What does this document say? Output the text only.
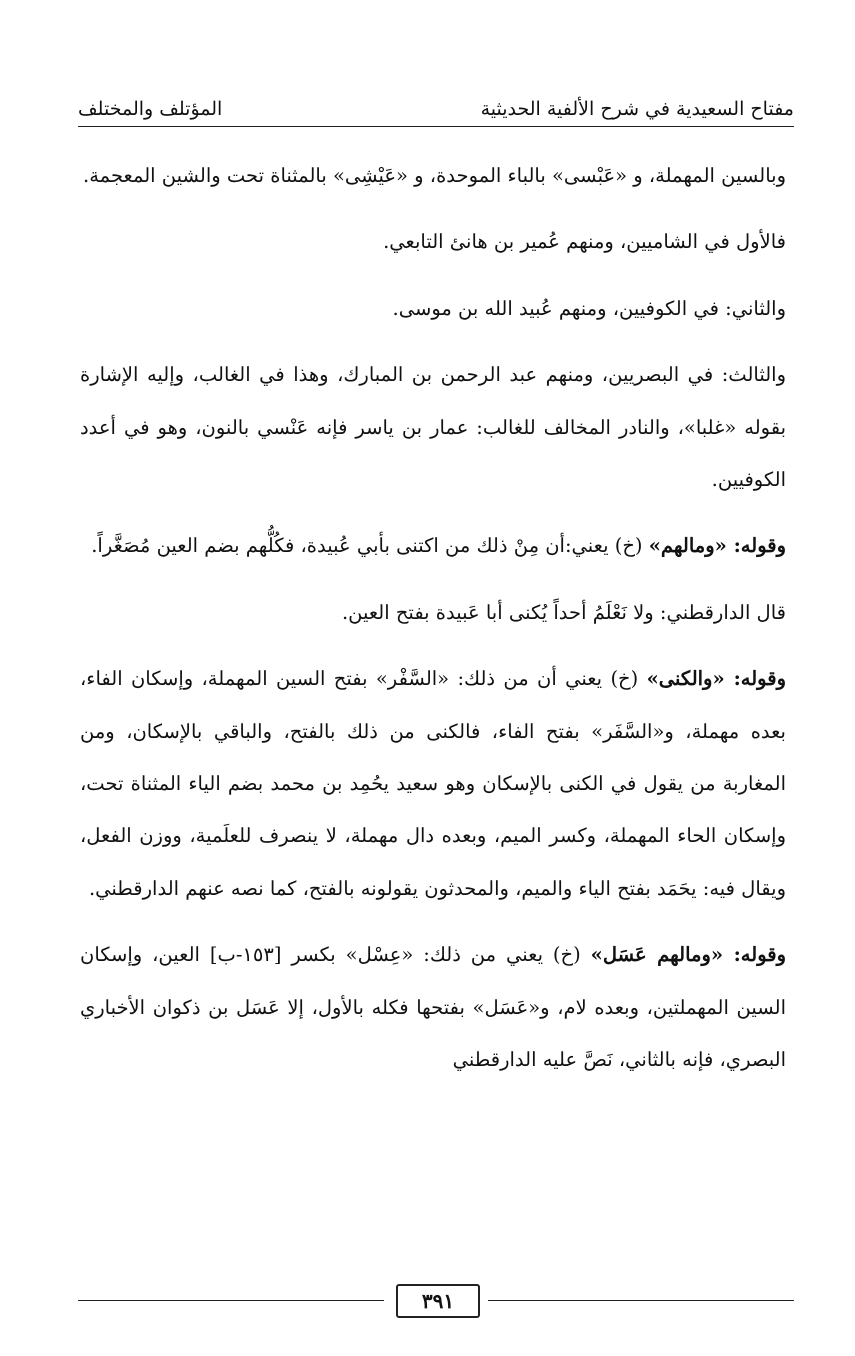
مفتاح السعيدية في شرح الألفية الحديثية
المؤتلف والمختلف

وبالسين المهملة، و «عَبْسى» بالباء الموحدة، و «عَيْشِى» بالمثناة تحت والشين المعجمة.

فالأول في الشاميين، ومنهم عُمير بن هانئ التابعي.

والثاني: في الكوفيين، ومنهم عُبيد الله بن موسى.

والثالث: في البصريين، ومنهم عبد الرحمن بن المبارك، وهذا في الغالب، وإليه الإشارة بقوله «غلبا»، والنادر المخالف للغالب: عمار بن ياسر فإنه عَنْسي بالنون، وهو في أعدد الكوفيين.

وقوله: «ومالهم» (خ) يعني:أن مِنْ ذلك من اكتنى بأبي عُبيدة، فكُلُّهم بضم العين مُصَغَّراً.

قال الدارقطني: ولا نَعْلَمُ أحداً يُكنى أبا عَبيدة بفتح العين.

وقوله: «والكنى» (خ) يعني أن من ذلك: «السَّفْر» بفتح السين المهملة، وإسكان الفاء، بعده مهملة، و«السَّفَر» بفتح الفاء، فالكنى من ذلك بالفتح، والباقي بالإسكان، ومن المغاربة من يقول في الكنى بالإسكان وهو سعيد يحُمِد بن محمد بضم الياء المثناة تحت، وإسكان الحاء المهملة، وكسر الميم، وبعده دال مهملة، لا ينصرف للعلَمية، ووزن الفعل، ويقال فيه: يحَمَد بفتح الياء والميم، والمحدثون يقولونه بالفتح، كما نصه عنهم الدارقطني.

وقوله: «ومالهم عَسَل» (خ) يعني من ذلك: «عِسْل» بكسر [١٥٣-ب] العين، وإسكان السين المهملتين، وبعده لام، و«عَسَل» بفتحها فكله بالأول، إلا عَسَل بن ذكوان الأخباري البصري، فإنه بالثاني، نَصَّ عليه الدارقطني

٣٩١
